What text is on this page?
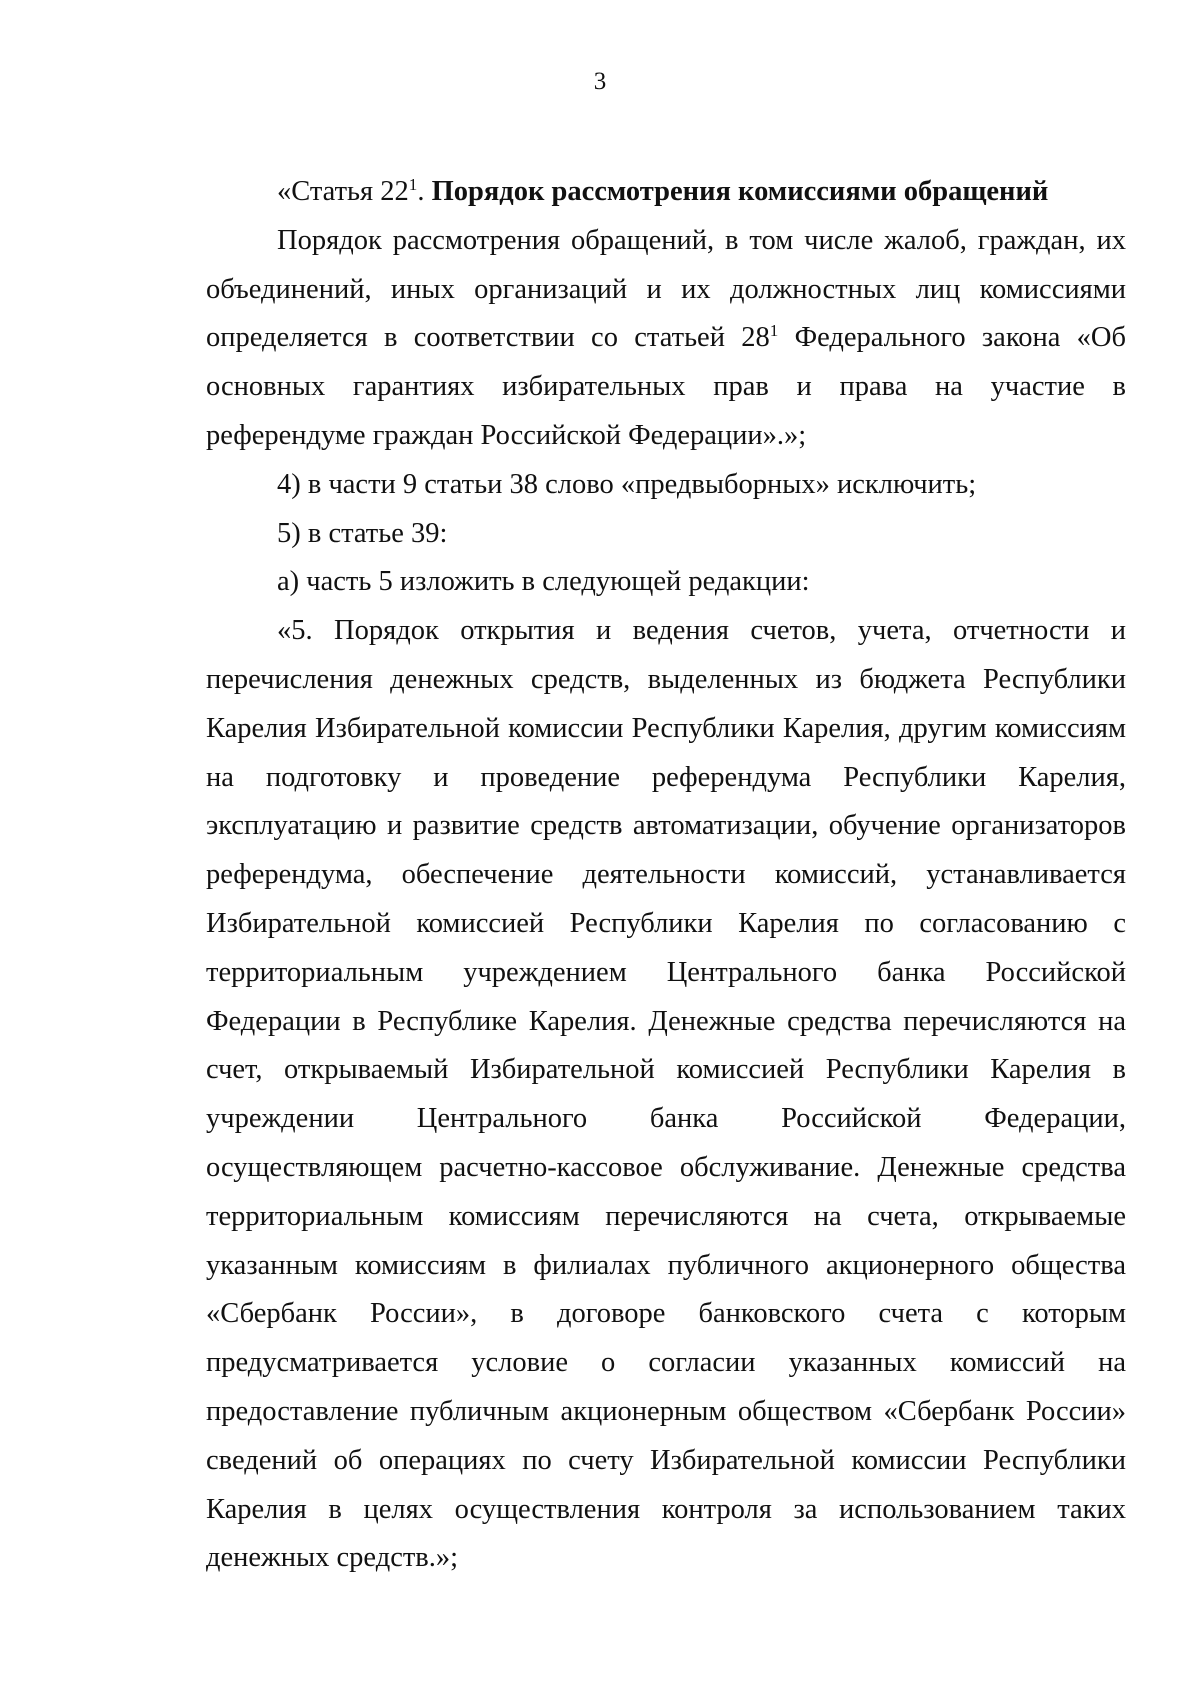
3

«Статья $22^1$. Порядок рассмотрения комиссиями обращений

Порядок рассмотрения обращений, в том числе жалоб, граждан, их объединений, иных организаций и их должностных лиц комиссиями определяется в соответствии со статьей $28^1$ Федерального закона «Об основных гарантиях избирательных прав и права на участие в референдуме граждан Российской Федерации».»;

4) в части 9 статьи 38 слово «предвыборных» исключить;

5) в статье 39:

а) часть 5 изложить в следующей редакции:

«5. Порядок открытия и ведения счетов, учета, отчетности и перечисления денежных средств, выделенных из бюджета Республики Карелия Избирательной комиссии Республики Карелия, другим комиссиям на подготовку и проведение референдума Республики Карелия, эксплуатацию и развитие средств автоматизации, обучение организаторов референдума, обеспечение деятельности комиссий, устанавливается Избирательной комиссией Республики Карелия по согласованию с территориальным учреждением Центрального банка Российской Федерации в Республике Карелия. Денежные средства перечисляются на счет, открываемый Избирательной комиссией Республики Карелия в учреждении Центрального банка Российской Федерации, осуществляющем расчетно-кассовое обслуживание. Денежные средства территориальным комиссиям перечисляются на счета, открываемые указанным комиссиям в филиалах публичного акционерного общества «Сбербанк России», в договоре банковского счета с которым предусматривается условие о согласии указанных комиссий на предоставление публичным акционерным обществом «Сбербанк России» сведений об операциях по счету Избирательной комиссии Республики Карелия в целях осуществления контроля за использованием таких денежных средств.»;
